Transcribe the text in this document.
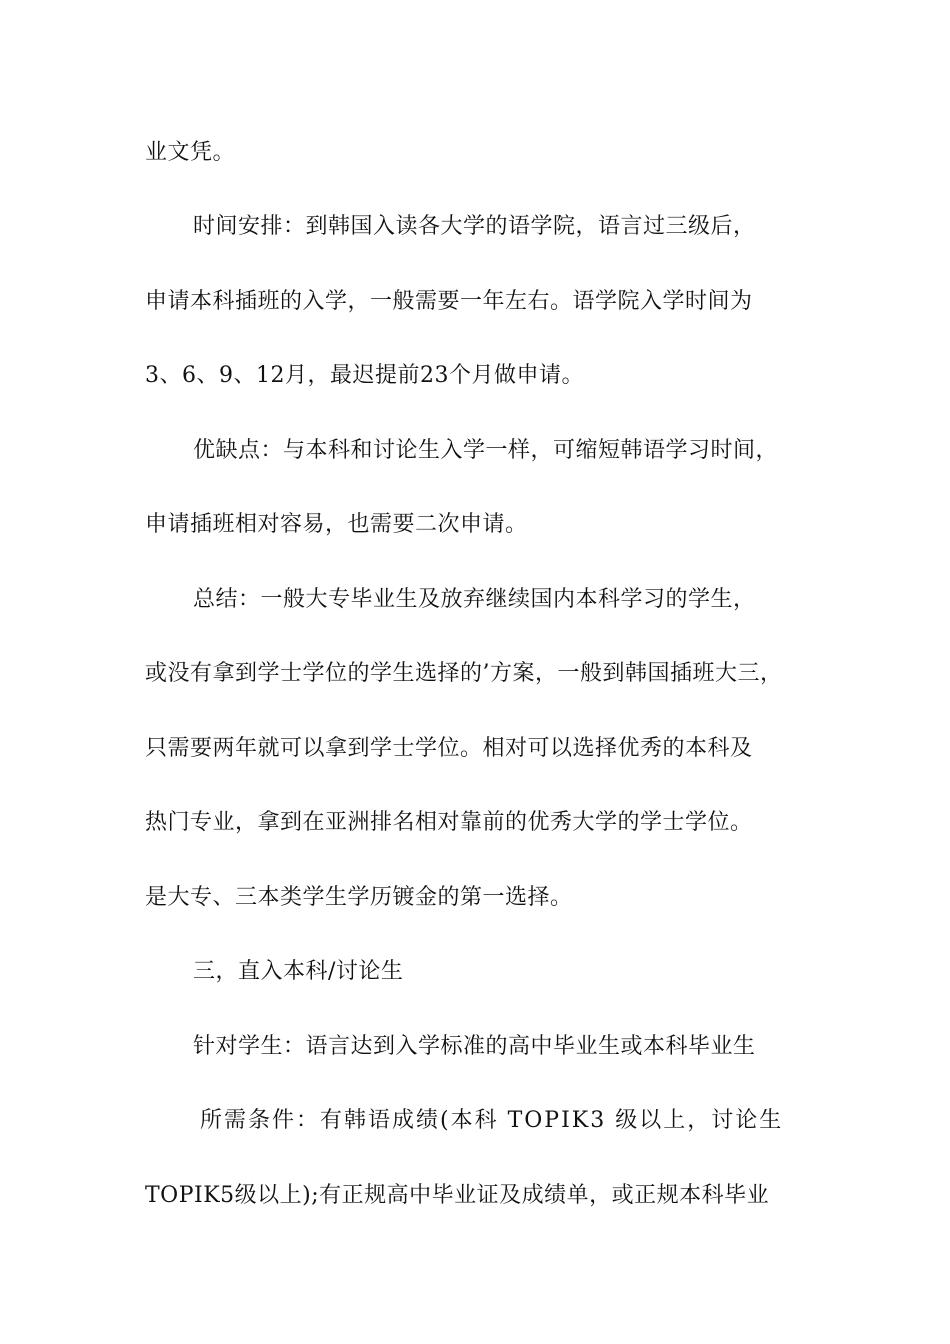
业文凭。
时间安排：到韩国入读各大学的语学院，语言过三级后，
申请本科插班的入学，一般需要一年左右。语学院入学时间为
3、6、9、12月，最迟提前23个月做申请。
优缺点：与本科和讨论生入学一样，可缩短韩语学习时间，
申请插班相对容易，也需要二次申请。
总结：一般大专毕业生及放弃继续国内本科学习的学生，
或没有拿到学士学位的学生选择的’方案，一般到韩国插班大三，
只需要两年就可以拿到学士学位。相对可以选择优秀的本科及
热门专业，拿到在亚洲排名相对靠前的优秀大学的学士学位。
是大专、三本类学生学历镀金的第一选择。
三，直入本科/讨论生
针对学生：语言达到入学标准的高中毕业生或本科毕业生
所需条件：有韩语成绩(本科 TOPIK3 级以上，讨论生
TOPIK5级以上);有正规高中毕业证及成绩单，或正规本科毕业
